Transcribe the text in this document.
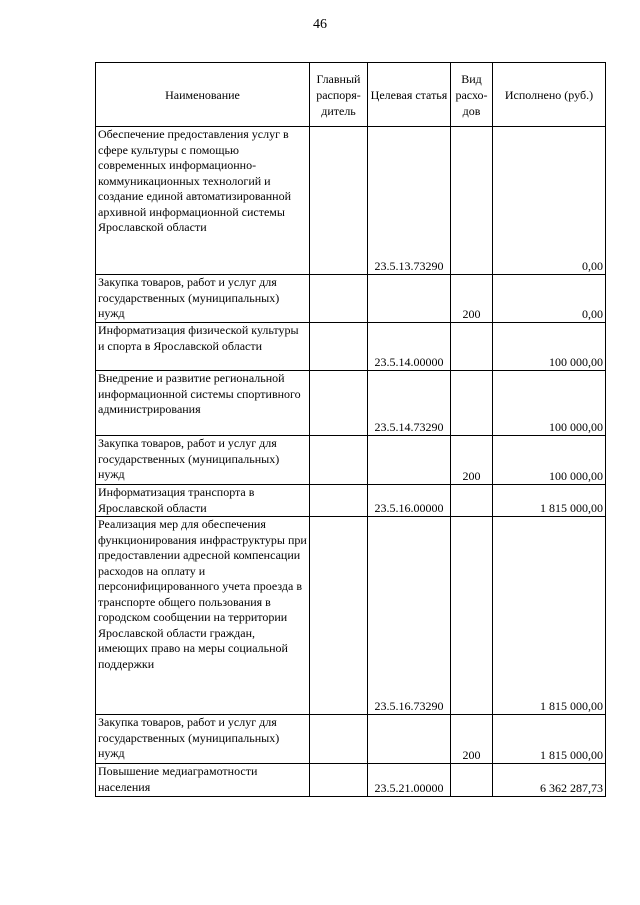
46
Наименование	Главный распоря-дитель	Целевая статья	Вид расхо-дов	Исполнено (руб.)
Обеспечение предоставления услуг в сфере культуры с помощью современных информационно-коммуникационных технологий и создание единой автоматизированной архивной информационной системы Ярославской области		23.5.13.73290		0,00
Закупка товаров, работ и услуг для государственных (муниципальных) нужд			200	0,00
Информатизация физической культуры и спорта в Ярославской области		23.5.14.00000		100 000,00
Внедрение и развитие региональной информационной системы спортивного администрирования		23.5.14.73290		100 000,00
Закупка товаров, работ и услуг для государственных (муниципальных) нужд			200	100 000,00
Информатизация транспорта в Ярославской области		23.5.16.00000		1 815 000,00
Реализация мер для обеспечения функционирования инфраструктуры при предоставлении адресной компенсации расходов на оплату и персонифицированного учета проезда в транспорте общего пользования в городском сообщении на территории Ярославской области граждан, имеющих право на меры социальной поддержки		23.5.16.73290		1 815 000,00
Закупка товаров, работ и услуг для государственных (муниципальных) нужд			200	1 815 000,00
Повышение медиаграмотности населения		23.5.21.00000		6 362 287,73
